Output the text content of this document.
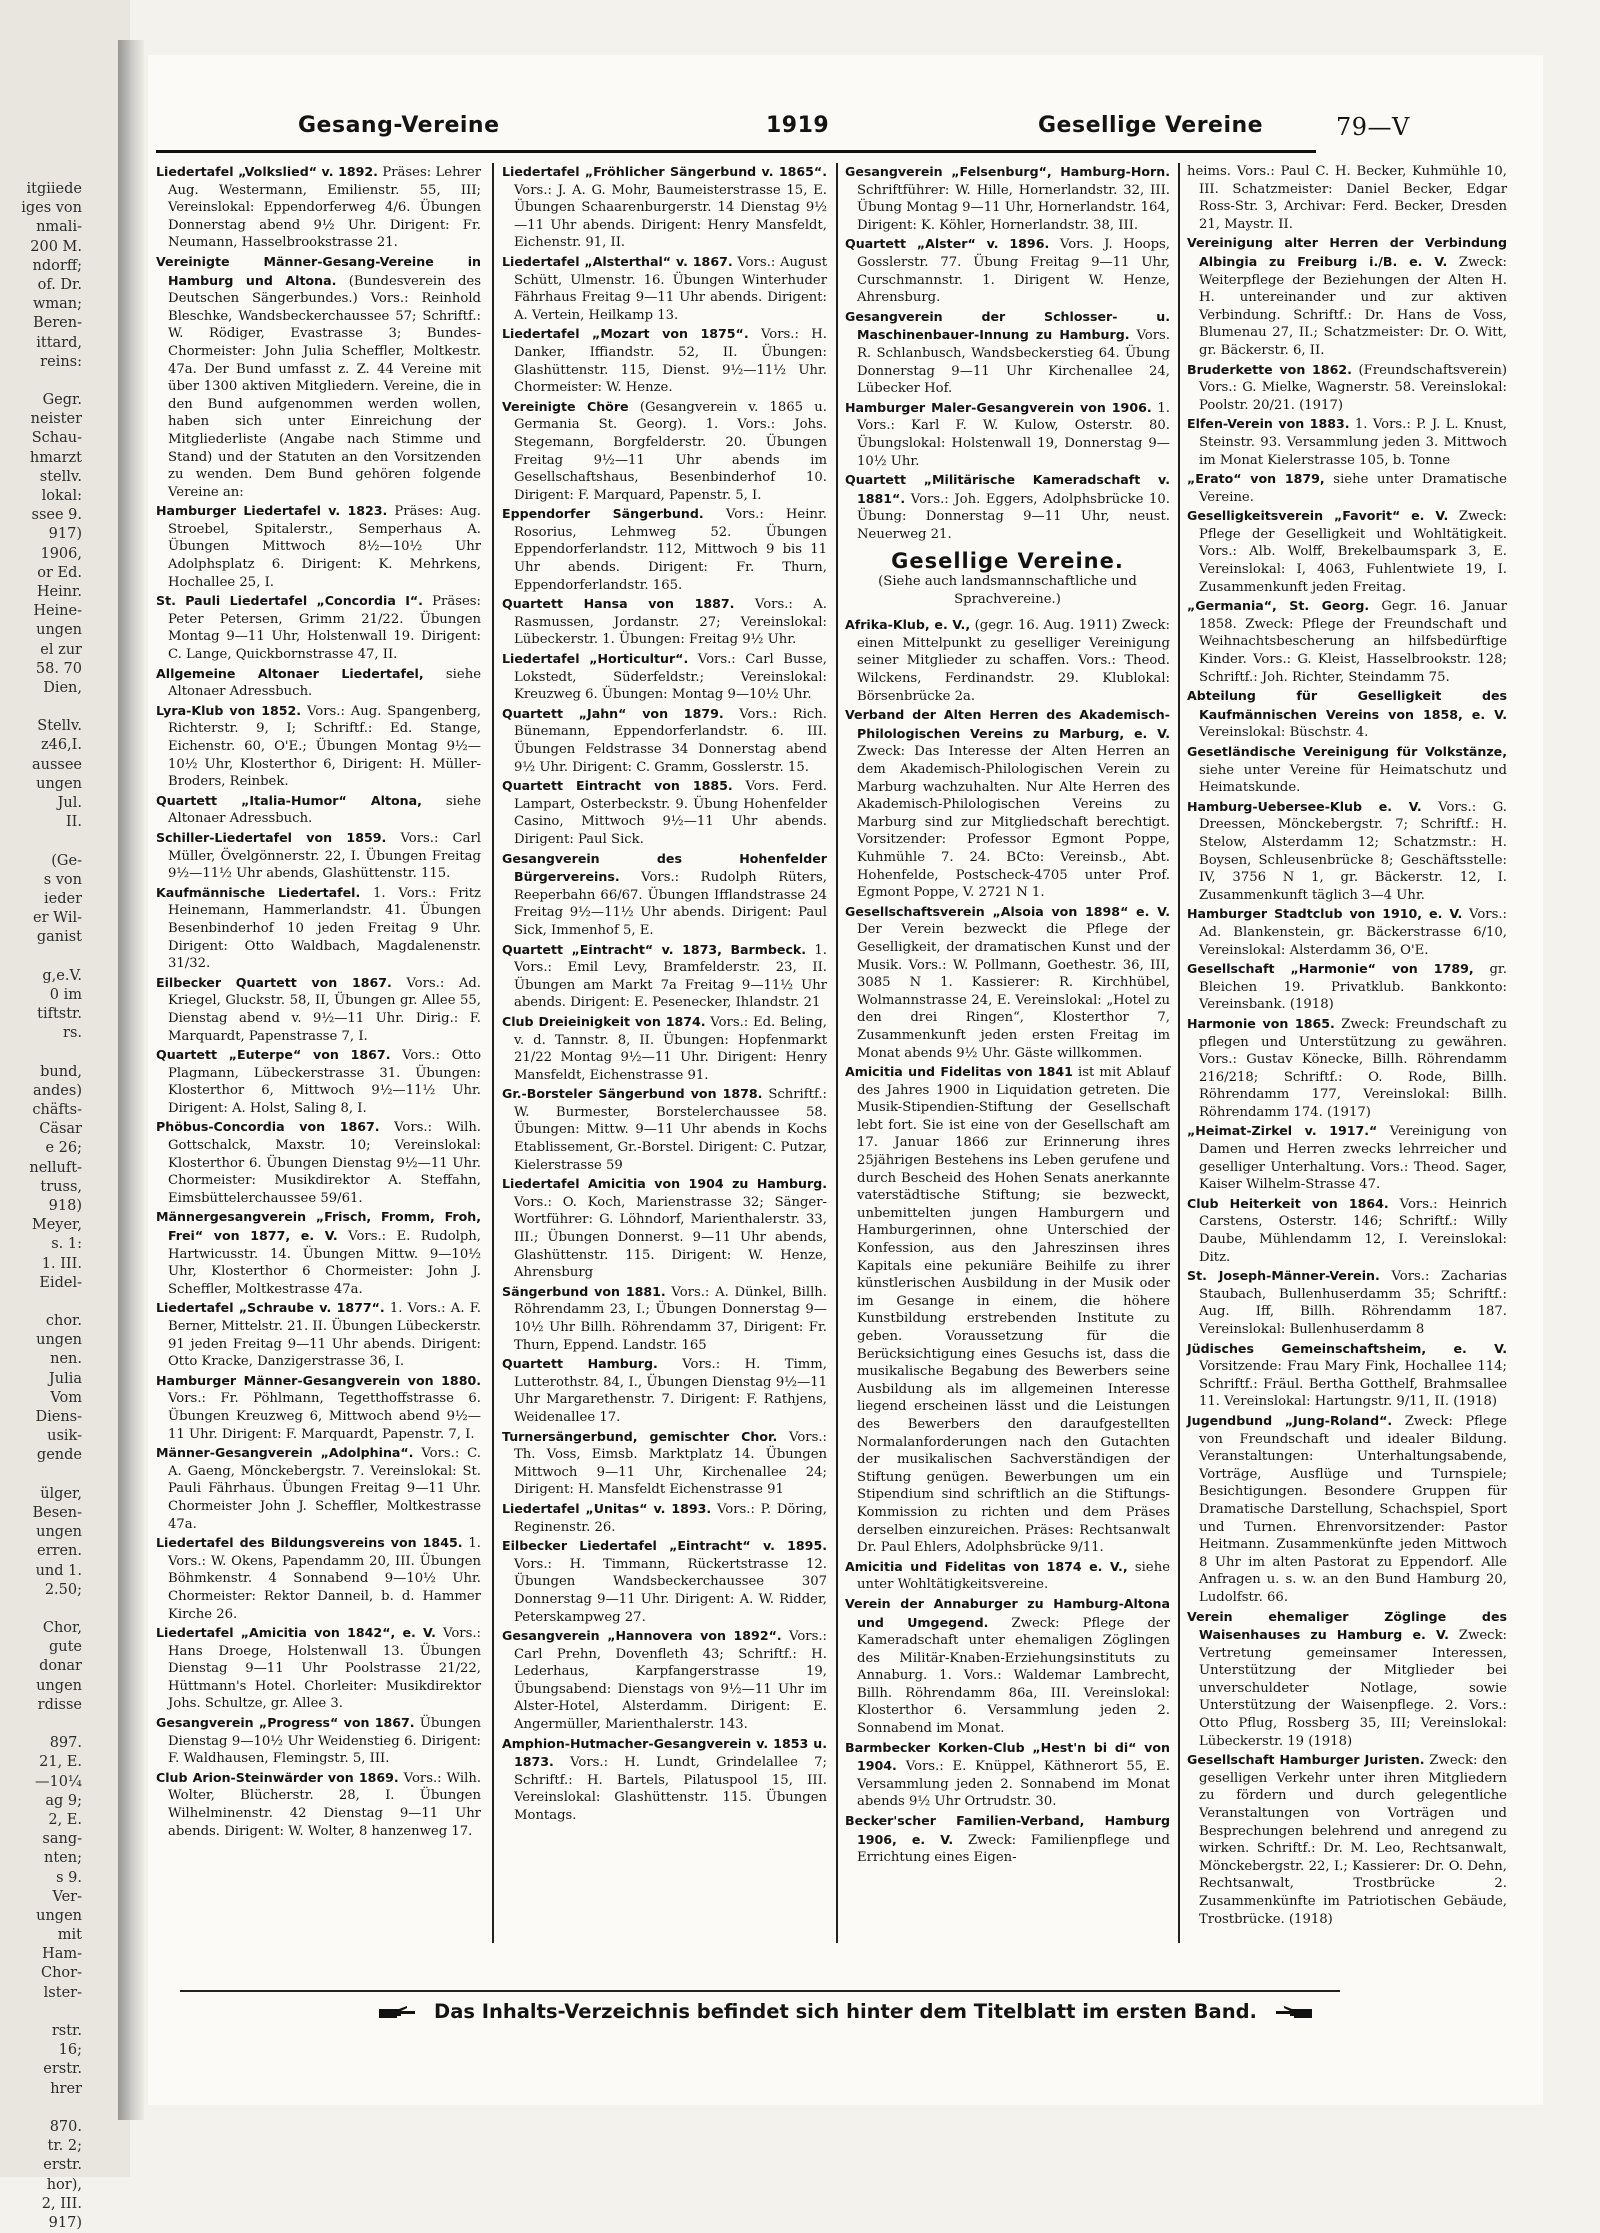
itgiiede
iges von
nmali-
200 M.
ndorff;
of. Dr.
wman;
Beren-
ittard,
reins:
Gegr.
neister
Schau-
hmarzt
stellv.
lokal:
ssee 9.
917)
1906,
or Ed.
Heinr.
Heine-
ungen
el zur
58. 70
Dien,
Stellv.
z46,I.
aussee
ungen
Jul.
II.
(Ge-
s von
ieder
er Wil-
ganist
g,e.V.
0 im
tiftstr.
rs.
bund,
andes)
chäfts-
Cäsar
e 26;
nelluft-
truss,
918)
Meyer,
s. 1:
1. III.
Eidel-
chor.
ungen
nen.
Julia
Vom
Diens-
usik-
gende
ülger,
Besen-
ungen
erren.
und 1.
2.50;
Chor,
gute
donar
ungen
rdisse
897.
21, E.
—10¼
ag 9;
2, E.
sang-
nten;
s 9.
Ver-
ungen
mit
Ham-
Chor-
lster-
rstr.
16;
erstr.
hrer
870.
tr. 2;
erstr.
hor),
2, III.
917)
Gesang-Vereine	1919	Gesellige Vereine	79—V

Liedertafel „Volkslied“ v. 1892. Präses: Lehrer Aug. Westermann, Emilienstr. 55, III; Vereinslokal: Eppendorferweg 4/6. Übungen Donnerstag abend 9½ Uhr. Dirigent: Fr. Neumann, Hasselbrookstrasse 21.

Vereinigte Männer-Gesang-Vereine in Hamburg und Altona. (Bundesverein des Deutschen Sängerbundes.) Vors.: Reinhold Bleschke, Wandsbeckerchaussee 57; Schriftf.: W. Rödiger, Evastrasse 3; Bundes-Chormeister: John Julia Scheffler, Moltkestr. 47a. Der Bund umfasst z. Z. 44 Vereine mit über 1300 aktiven Mitgliedern. Vereine, die in den Bund aufgenommen werden wollen, haben sich unter Einreichung der Mitgliederliste (Angabe nach Stimme und Stand) und der Statuten an den Vorsitzenden zu wenden. Dem Bund gehören folgende Vereine an:

Hamburger Liedertafel v. 1823. Präses: Aug. Stroebel, Spitalerstr., Semperhaus A. Übungen Mittwoch 8½—10½ Uhr Adolphsplatz 6. Dirigent: K. Mehrkens, Hochallee 25, I.

St. Pauli Liedertafel „Concordia I“. Präses: Peter Petersen, Grimm 21/22. Übungen Montag 9—11 Uhr, Holstenwall 19. Dirigent: C. Lange, Quickbornstrasse 47, II.

Allgemeine Altonaer Liedertafel, siehe Altonaer Adressbuch.

Lyra-Klub von 1852. Vors.: Aug. Spangenberg, Richterstr. 9, I; Schriftf.: Ed. Stange, Eichenstr. 60, O'E.; Übungen Montag 9½—10½ Uhr, Klosterthor 6, Dirigent: H. Müller-Broders, Reinbek.

Quartett „Italia-Humor“ Altona, siehe Altonaer Adressbuch.

Schiller-Liedertafel von 1859. Vors.: Carl Müller, Övelgönnerstr. 22, I. Übungen Freitag 9½—11½ Uhr abends, Glashüttenstr. 115.

Kaufmännische Liedertafel. 1. Vors.: Fritz Heinemann, Hammerlandstr. 41. Übungen Besenbinderhof 10 jeden Freitag 9 Uhr. Dirigent: Otto Waldbach, Magdalenenstr. 31/32.

Eilbecker Quartett von 1867. Vors.: Ad. Kriegel, Gluckstr. 58, II, Übungen gr. Allee 55, Dienstag abend v. 9½—11 Uhr. Dirig.: F. Marquardt, Papenstrasse 7, I.

Quartett „Euterpe“ von 1867. Vors.: Otto Plagmann, Lübeckerstrasse 31. Übungen: Klosterthor 6, Mittwoch 9½—11½ Uhr. Dirigent: A. Holst, Saling 8, I.

Phöbus-Concordia von 1867. Vors.: Wilh. Gottschalck, Maxstr. 10; Vereinslokal: Klosterthor 6. Übungen Dienstag 9½—11 Uhr. Chormeister: Musikdirektor A. Steffahn, Eimsbüttelerchaussee 59/61.

Männergesangverein „Frisch, Fromm, Froh, Frei“ von 1877, e. V. Vors.: E. Rudolph, Hartwicusstr. 14. Übungen Mittw. 9—10½ Uhr, Klosterthor 6 Chormeister: John J. Scheffler, Moltkestrasse 47a.

Liedertafel „Schraube v. 1877“. 1. Vors.: A. F. Berner, Mittelstr. 21. II. Übungen Lübeckerstr. 91 jeden Freitag 9—11 Uhr abends. Dirigent: Otto Kracke, Danzigerstrasse 36, I.

Hamburger Männer-Gesangverein von 1880. Vors.: Fr. Pöhlmann, Tegetthoffstrasse 6. Übungen Kreuzweg 6, Mittwoch abend 9½—11 Uhr. Dirigent: F. Marquardt, Papenstr. 7, I.

Männer-Gesangverein „Adolphina“. Vors.: C. A. Gaeng, Mönckebergstr. 7. Vereinslokal: St. Pauli Fährhaus. Übungen Freitag 9—11 Uhr. Chormeister John J. Scheffler, Moltkestrasse 47a.

Liedertafel des Bildungsvereins von 1845. 1. Vors.: W. Okens, Papendamm 20, III. Übungen Böhmkenstr. 4 Sonnabend 9—10½ Uhr. Chormeister: Rektor Danneil, b. d. Hammer Kirche 26.

Liedertafel „Amicitia von 1842“, e. V. Vors.: Hans Droege, Holstenwall 13. Übungen Dienstag 9—11 Uhr Poolstrasse 21/22, Hüttmann's Hotel. Chorleiter: Musikdirektor Johs. Schultze, gr. Allee 3.

Gesangverein „Progress“ von 1867. Übungen Dienstag 9—10½ Uhr Weidenstieg 6. Dirigent: F. Waldhausen, Flemingstr. 5, III.

Club Arion-Steinwärder von 1869. Vors.: Wilh. Wolter, Blücherstr. 28, I. Übungen Wilhelminenstr. 42 Dienstag 9—11 Uhr abends. Dirigent: W. Wolter, 8 hanzenweg 17.

Liedertafel „Fröhlicher Sängerbund v. 1865“. Vors.: J. A. G. Mohr, Baumeisterstrasse 15, E. Übungen Schaarenburgerstr. 14 Dienstag 9½—11 Uhr abends. Dirigent: Henry Mansfeldt, Eichenstr. 91, II.

Liedertafel „Alsterthal“ v. 1867. Vors.: August Schütt, Ulmenstr. 16. Übungen Winterhuder Fährhaus Freitag 9—11 Uhr abends. Dirigent: A. Vertein, Heilkamp 13.

Liedertafel „Mozart von 1875“. Vors.: H. Danker, Iffiandstr. 52, II. Übungen: Glashüttenstr. 115, Dienst. 9½—11½ Uhr. Chormeister: W. Henze.

Vereinigte Chöre (Gesangverein v. 1865 u. Germania St. Georg). 1. Vors.: Johs. Stegemann, Borgfelderstr. 20. Übungen Freitag 9½—11 Uhr abends im Gesellschaftshaus, Besenbinderhof 10. Dirigent: F. Marquard, Papenstr. 5, I.

Eppendorfer Sängerbund. Vors.: Heinr. Rosorius, Lehmweg 52. Übungen Eppendorferlandstr. 112, Mittwoch 9 bis 11 Uhr abends. Dirigent: Fr. Thurn, Eppendorferlandstr. 165.

Quartett Hansa von 1887. Vors.: A. Rasmussen, Jordanstr. 27; Vereinslokal: Lübeckerstr. 1. Übungen: Freitag 9½ Uhr.

Liedertafel „Horticultur“. Vors.: Carl Busse, Lokstedt, Süderfeldstr.; Vereinslokal: Kreuzweg 6. Übungen: Montag 9—10½ Uhr.

Quartett „Jahn“ von 1879. Vors.: Rich. Bünemann, Eppendorferlandstr. 6. III. Übungen Feldstrasse 34 Donnerstag abend 9½ Uhr. Dirigent: C. Gramm, Gosslerstr. 15.

Quartett Eintracht von 1885. Vors. Ferd. Lampart, Osterbeckstr. 9. Übung Hohenfelder Casino, Mittwoch 9½—11 Uhr abends. Dirigent: Paul Sick.

Gesangverein des Hohenfelder Bürgervereins. Vors.: Rudolph Rüters, Reeperbahn 66/67. Übungen Ifflandstrasse 24 Freitag 9½—11½ Uhr abends. Dirigent: Paul Sick, Immenhof 5, E.

Quartett „Eintracht“ v. 1873, Barmbeck. 1. Vors.: Emil Levy, Bramfelderstr. 23, II. Übungen am Markt 7a Freitag 9—11½ Uhr abends. Dirigent: E. Pesenecker, Ihlandstr. 21

Club Dreieinigkeit von 1874. Vors.: Ed. Beling, v. d. Tannstr. 8, II. Übungen: Hopfenmarkt 21/22 Montag 9½—11 Uhr. Dirigent: Henry Mansfeldt, Eichenstrasse 91.

Gr.-Borsteler Sängerbund von 1878. Schriftf.: W. Burmester, Borstelerchaussee 58. Übungen: Mittw. 9—11 Uhr abends in Kochs Etablissement, Gr.-Borstel. Dirigent: C. Putzar, Kielerstrasse 59

Liedertafel Amicitia von 1904 zu Hamburg. Vors.: O. Koch, Marienstrasse 32; Sänger-Wortführer: G. Löhndorf, Marienthalerstr. 33, III.; Übungen Donnerst. 9—11 Uhr abends, Glashüttenstr. 115. Dirigent: W. Henze, Ahrensburg

Sängerbund von 1881. Vors.: A. Dünkel, Billh. Röhrendamm 23, I.; Übungen Donnerstag 9—10½ Uhr Billh. Röhrendamm 37, Dirigent: Fr. Thurn, Eppend. Landstr. 165

Quartett Hamburg. Vors.: H. Timm, Lutterothstr. 84, I., Übungen Dienstag 9½—11 Uhr Margarethenstr. 7. Dirigent: F. Rathjens, Weidenallee 17.

Turnersängerbund, gemischter Chor. Vors.: Th. Voss, Eimsb. Marktplatz 14. Übungen Mittwoch 9—11 Uhr, Kirchenallee 24; Dirigent: H. Mansfeldt Eichenstrasse 91

Liedertafel „Unitas“ v. 1893. Vors.: P. Döring, Reginenstr. 26.

Eilbecker Liedertafel „Eintracht“ v. 1895. Vors.: H. Timmann, Rückertstrasse 12. Übungen Wandsbeckerchaussee 307 Donnerstag 9—11 Uhr. Dirigent: A. W. Ridder, Peterskampweg 27.

Gesangverein „Hannovera von 1892“. Vors.: Carl Prehn, Dovenfleth 43; Schriftf.: H. Lederhaus, Karpfangerstrasse 19, Übungsabend: Dienstags von 9½—11 Uhr im Alster-Hotel, Alsterdamm. Dirigent: E. Angermüller, Marienthalerstr. 143.

Amphion-Hutmacher-Gesangverein v. 1853 u. 1873. Vors.: H. Lundt, Grindelallee 7; Schriftf.: H. Bartels, Pilatuspool 15, III. Vereinslokal: Glashüttenstr. 115. Übungen Montags.

Gesangverein „Felsenburg“, Hamburg-Horn. Schriftführer: W. Hille, Hornerlandstr. 32, III. Übung Montag 9—11 Uhr, Hornerlandstr. 164, Dirigent: K. Köhler, Hornerlandstr. 38, III.

Quartett „Alster“ v. 1896. Vors. J. Hoops, Gosslerstr. 77. Übung Freitag 9—11 Uhr, Curschmannstr. 1. Dirigent W. Henze, Ahrensburg.

Gesangverein der Schlosser- u. Maschinenbauer-Innung zu Hamburg. Vors. R. Schlanbusch, Wandsbeckerstieg 64. Übung Donnerstag 9—11 Uhr Kirchenallee 24, Lübecker Hof.

Hamburger Maler-Gesangverein von 1906. 1. Vors.: Karl F. W. Kulow, Osterstr. 80. Übungslokal: Holstenwall 19, Donnerstag 9—10½ Uhr.

Quartett „Militärische Kameradschaft v. 1881“. Vors.: Joh. Eggers, Adolphsbrücke 10. Übung: Donnerstag 9—11 Uhr, neust. Neuerweg 21.

Gesellige Vereine.
(Siehe auch landsmannschaftliche und Sprachvereine.)

Afrika-Klub, e. V., (gegr. 16. Aug. 1911) Zweck: einen Mittelpunkt zu geselliger Vereinigung seiner Mitglieder zu schaffen. Vors.: Theod. Wilckens, Ferdinandstr. 29. Klublokal: Börsenbrücke 2a.

Verband der Alten Herren des Akademisch-Philologischen Vereins zu Marburg, e. V. Zweck: Das Interesse der Alten Herren an dem Akademisch-Philologischen Verein zu Marburg wachzuhalten. Nur Alte Herren des Akademisch-Philologischen Vereins zu Marburg sind zur Mitgliedschaft berechtigt. Vorsitzender: Professor Egmont Poppe, Kuhmühle 7. 24. BCto: Vereinsb., Abt. Hohenfelde, Postscheck-4705 unter Prof. Egmont Poppe, V. 2721 N 1.

Gesellschaftsverein „Alsoia von 1898“ e. V. Der Verein bezweckt die Pflege der Geselligkeit, der dramatischen Kunst und der Musik. Vors.: W. Pollmann, Goethestr. 36, III, 3085 N 1. Kassierer: R. Kirchhübel, Wolmannstrasse 24, E. Vereinslokal: „Hotel zu den drei Ringen“, Klosterthor 7, Zusammenkunft jeden ersten Freitag im Monat abends 9½ Uhr. Gäste willkommen.

Amicitia und Fidelitas von 1841 ist mit Ablauf des Jahres 1900 in Liquidation getreten. Die Musik-Stipendien-Stiftung der Gesellschaft lebt fort. Sie ist eine von der Gesellschaft am 17. Januar 1866 zur Erinnerung ihres 25jährigen Bestehens ins Leben gerufene und durch Bescheid des Hohen Senats anerkannte vaterstädtische Stiftung; sie bezweckt, unbemittelten jungen Hamburgern und Hamburgerinnen, ohne Unterschied der Konfession, aus den Jahreszinsen ihres Kapitals eine pekuniäre Beihilfe zu ihrer künstlerischen Ausbildung in der Musik oder im Gesange in einem, die höhere Kunstbildung erstrebenden Institute zu geben. Voraussetzung für die Berücksichtigung eines Gesuchs ist, dass die musikalische Begabung des Bewerbers seine Ausbildung als im allgemeinen Interesse liegend erscheinen lässt und die Leistungen des Bewerbers den daraufgestellten Normalanforderungen nach den Gutachten der musikalischen Sachverständigen der Stiftung genügen. Bewerbungen um ein Stipendium sind schriftlich an die Stiftungs-Kommission zu richten und dem Präses derselben einzureichen. Präses: Rechtsanwalt Dr. Paul Ehlers, Adolphsbrücke 9/11.

Amicitia und Fidelitas von 1874 e. V., siehe unter Wohltätigkeitsvereine.

Verein der Annaburger zu Hamburg-Altona und Umgegend. Zweck: Pflege der Kameradschaft unter ehemaligen Zöglingen des Militär-Knaben-Erziehungsinstituts zu Annaburg. 1. Vors.: Waldemar Lambrecht, Billh. Röhrendamm 86a, III. Vereinslokal: Klosterthor 6. Versammlung jeden 2. Sonnabend im Monat.

Barmbecker Korken-Club „Hest'n bi di“ von 1904. Vors.: E. Knüppel, Käthnerort 55, E. Versammlung jeden 2. Sonnabend im Monat abends 9½ Uhr Ortrudstr. 30.

Becker'scher Familien-Verband, Hamburg 1906, e. V. Zweck: Familienpflege und Errichtung eines Eigen-

heims. Vors.: Paul C. H. Becker, Kuhmühle 10, III. Schatzmeister: Daniel Becker, Edgar Ross-Str. 3, Archivar: Ferd. Becker, Dresden 21, Maystr. II.

Vereinigung alter Herren der Verbindung Albingia zu Freiburg i./B. e. V. Zweck: Weiterpflege der Beziehungen der Alten H. H. untereinander und zur aktiven Verbindung. Schriftf.: Dr. Hans de Voss, Blumenau 27, II.; Schatzmeister: Dr. O. Witt, gr. Bäckerstr. 6, II.

Bruderkette von 1862. (Freundschaftsverein) Vors.: G. Mielke, Wagnerstr. 58. Vereinslokal: Poolstr. 20/21. (1917)

Elfen-Verein von 1883. 1. Vors.: P. J. L. Knust, Steinstr. 93. Versammlung jeden 3. Mittwoch im Monat Kielerstrasse 105, b. Tonne

„Erato“ von 1879, siehe unter Dramatische Vereine.

Geselligkeitsverein „Favorit“ e. V. Zweck: Pflege der Geselligkeit und Wohltätigkeit. Vors.: Alb. Wolff, Brekelbaumspark 3, E. Vereinslokal: I, 4063, Fuhlentwiete 19, I. Zusammenkunft jeden Freitag.

„Germania“, St. Georg. Gegr. 16. Januar 1858. Zweck: Pflege der Freundschaft und Weihnachtsbescherung an hilfsbedürftige Kinder. Vors.: G. Kleist, Hasselbrookstr. 128; Schriftf.: Joh. Richter, Steindamm 75.

Abteilung für Geselligkeit des Kaufmännischen Vereins von 1858, e. V. Vereinslokal: Büschstr. 4.

Gesetländische Vereinigung für Volkstänze, siehe unter Vereine für Heimatschutz und Heimatskunde.

Hamburg-Uebersee-Klub e. V. Vors.: G. Dreessen, Mönckebergstr. 7; Schriftf.: H. Stelow, Alsterdamm 12; Schatzmstr.: H. Boysen, Schleusenbrücke 8; Geschäftsstelle: IV, 3756 N 1, gr. Bäckerstr. 12, I. Zusammenkunft täglich 3—4 Uhr.

Hamburger Stadtclub von 1910, e. V. Vors.: Ad. Blankenstein, gr. Bäckerstrasse 6/10, Vereinslokal: Alsterdamm 36, O'E.

Gesellschaft „Harmonie“ von 1789, gr. Bleichen 19. Privatklub. Bankkonto: Vereinsbank. (1918)

Harmonie von 1865. Zweck: Freundschaft zu pflegen und Unterstützung zu gewähren. Vors.: Gustav Könecke, Billh. Röhrendamm 216/218; Schriftf.: O. Rode, Billh. Röhrendamm 177, Vereinslokal: Billh. Röhrendamm 174. (1917)

„Heimat-Zirkel v. 1917.“ Vereinigung von Damen und Herren zwecks lehrreicher und geselliger Unterhaltung. Vors.: Theod. Sager, Kaiser Wilhelm-Strasse 47.

Club Heiterkeit von 1864. Vors.: Heinrich Carstens, Osterstr. 146; Schriftf.: Willy Daube, Mühlendamm 12, I. Vereinslokal: Ditz.

St. Joseph-Männer-Verein. Vors.: Zacharias Staubach, Bullenhuserdamm 35; Schriftf.: Aug. Iff, Billh. Röhrendamm 187. Vereinslokal: Bullenhuserdamm 8

Jüdisches Gemeinschaftsheim, e. V. Vorsitzende: Frau Mary Fink, Hochallee 114; Schriftf.: Fräul. Bertha Gotthelf, Brahmsallee 11. Vereinslokal: Hartungstr. 9/11, II. (1918)

Jugendbund „Jung-Roland“. Zweck: Pflege von Freundschaft und idealer Bildung. Veranstaltungen: Unterhaltungsabende, Vorträge, Ausflüge und Turnspiele; Besichtigungen. Besondere Gruppen für Dramatische Darstellung, Schachspiel, Sport und Turnen. Ehrenvorsitzender: Pastor Heitmann. Zusammenkünfte jeden Mittwoch 8 Uhr im alten Pastorat zu Eppendorf. Alle Anfragen u. s. w. an den Bund Hamburg 20, Ludolfstr. 66.

Verein ehemaliger Zöglinge des Waisenhauses zu Hamburg e. V. Zweck: Vertretung gemeinsamer Interessen, Unterstützung der Mitglieder bei unverschuldeter Notlage, sowie Unterstützung der Waisenpflege. 2. Vors.: Otto Pflug, Rossberg 35, III; Vereinslokal: Lübeckerstr. 19 (1918)

Gesellschaft Hamburger Juristen. Zweck: den geselligen Verkehr unter ihren Mitgliedern zu fördern und durch gelegentliche Veranstaltungen von Vorträgen und Besprechungen belehrend und anregend zu wirken. Schriftf.: Dr. M. Leo, Rechtsanwalt, Mönckebergstr. 22, I.; Kassierer: Dr. O. Dehn, Rechtsanwalt, Trostbrücke 2. Zusammenkünfte im Patriotischen Gebäude, Trostbrücke. (1918)

Das Inhalts-Verzeichnis befindet sich hinter dem Titelblatt im ersten Band.
